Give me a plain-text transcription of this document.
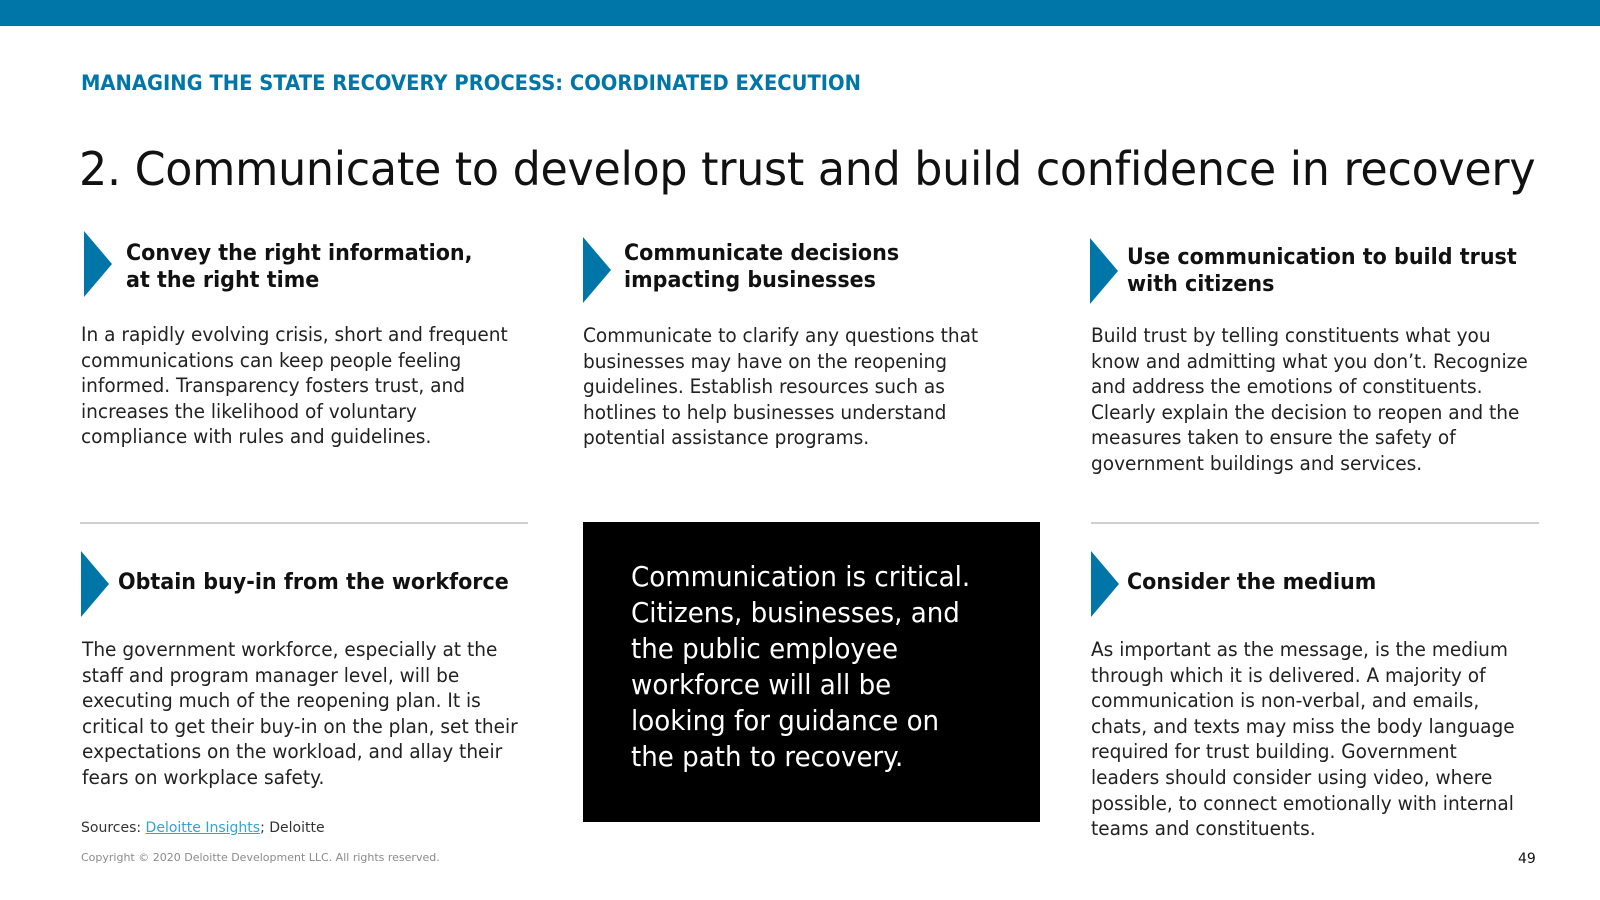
MANAGING THE STATE RECOVERY PROCESS: COORDINATED EXECUTION
2. Communicate to develop trust and build confidence in recovery
Convey the right information,
at the right time
In a rapidly evolving crisis, short and frequent
communications can keep people feeling
informed. Transparency fosters trust, and
increases the likelihood of voluntary
compliance with rules and guidelines.
Communicate decisions
impacting businesses
Communicate to clarify any questions that
businesses may have on the reopening
guidelines. Establish resources such as
hotlines to help businesses understand
potential assistance programs.
Use communication to build trust
with citizens
Build trust by telling constituents what you
know and admitting what you don’t. Recognize
and address the emotions of constituents.
Clearly explain the decision to reopen and the
measures taken to ensure the safety of
government buildings and services.
Obtain buy-in from the workforce
The government workforce, especially at the
staff and program manager level, will be
executing much of the reopening plan. It is
critical to get their buy-in on the plan, set their
expectations on the workload, and allay their
fears on workplace safety.
Communication is critical.
Citizens, businesses, and
the public employee
workforce will all be
looking for guidance on
the path to recovery.
Consider the medium
As important as the message, is the medium
through which it is delivered. A majority of
communication is non-verbal, and emails,
chats, and texts may miss the body language
required for trust building. Government
leaders should consider using video, where
possible, to connect emotionally with internal
teams and constituents.
Sources: Deloitte Insights; Deloitte
Copyright © 2020 Deloitte Development LLC. All rights reserved.	49
